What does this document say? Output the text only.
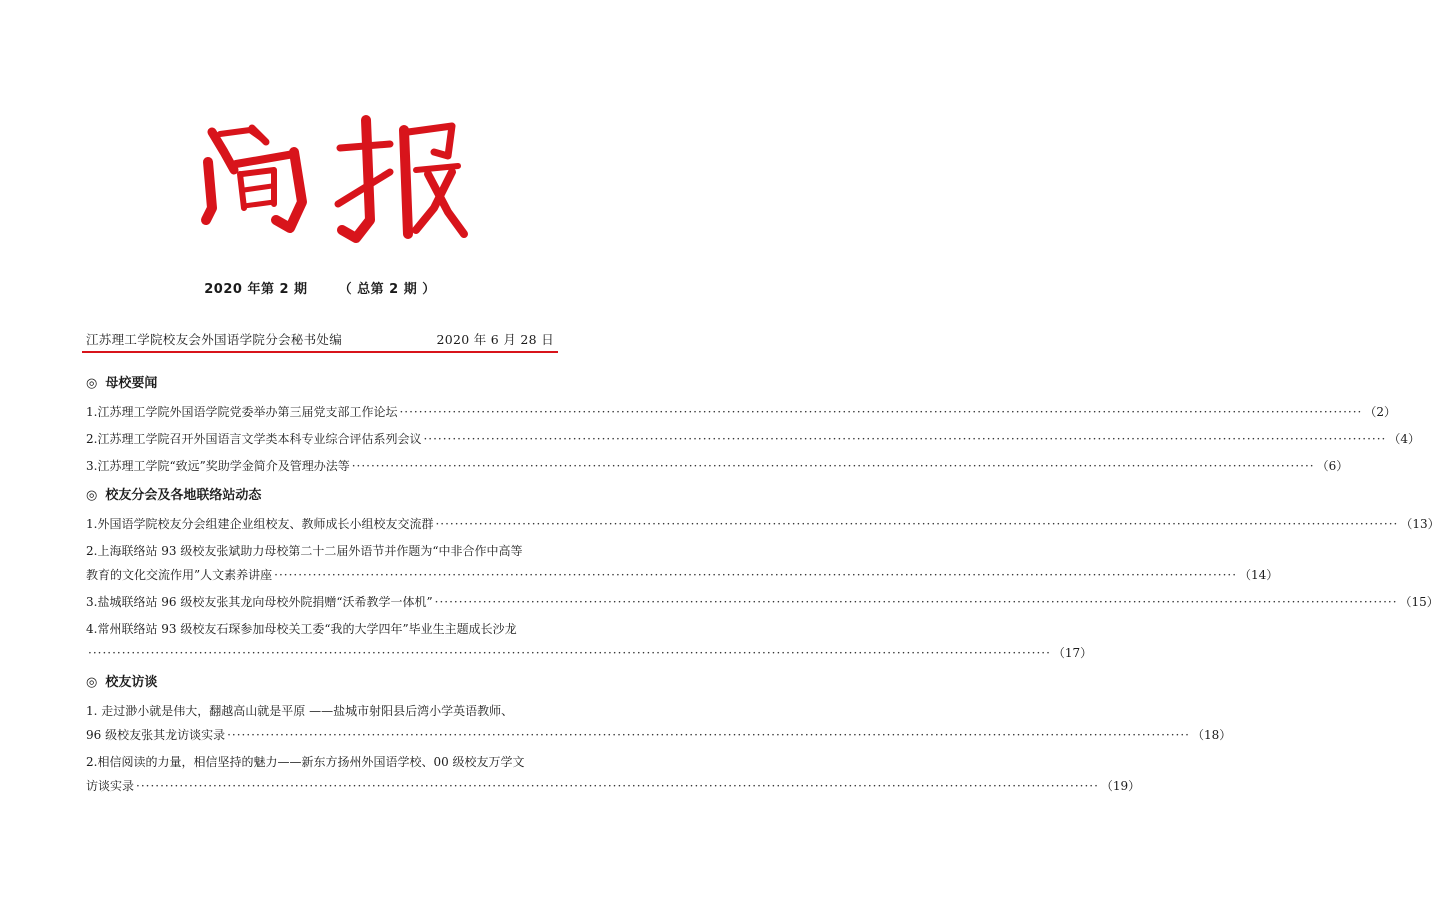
2020 年第 2 期 （ 总第 2 期 ）
江苏理工学院校友会外国语学院分会秘书处编	2020 年 6 月 28 日
◎ 母校要闻
1.江苏理工学院外国语学院党委举办第三届党支部工作论坛 ········································································································································································································ （2）
2.江苏理工学院召开外国语言文学类本科专业综合评估系列会议 ········································································································································································································ （4）
3.江苏理工学院“致远”奖助学金简介及管理办法等 ········································································································································································································ （6）
◎ 校友分会及各地联络站动态
1.外国语学院校友分会组建企业组校友、教师成长小组校友交流群 ········································································································································································································ （13）
2.上海联络站 93 级校友张斌助力母校第二十二届外语节并作题为“中非合作中高等
教育的文化交流作用”人文素养讲座 ········································································································································································································ （14）
3.盐城联络站 96 级校友张其龙向母校外院捐赠“沃希教学一体机” ········································································································································································································ （15）
4.常州联络站 93 级校友石琛参加母校关工委“我的大学四年”毕业生主题成长沙龙
········································································································································································································ （17）
◎ 校友访谈
1. 走过渺小就是伟大，翻越高山就是平原 ——盐城市射阳县后湾小学英语教师、
96 级校友张其龙访谈实录 ········································································································································································································ （18）
2.相信阅读的力量，相信坚持的魅力——新东方扬州外国语学校、00 级校友万学文
访谈实录 ········································································································································································································ （19）
